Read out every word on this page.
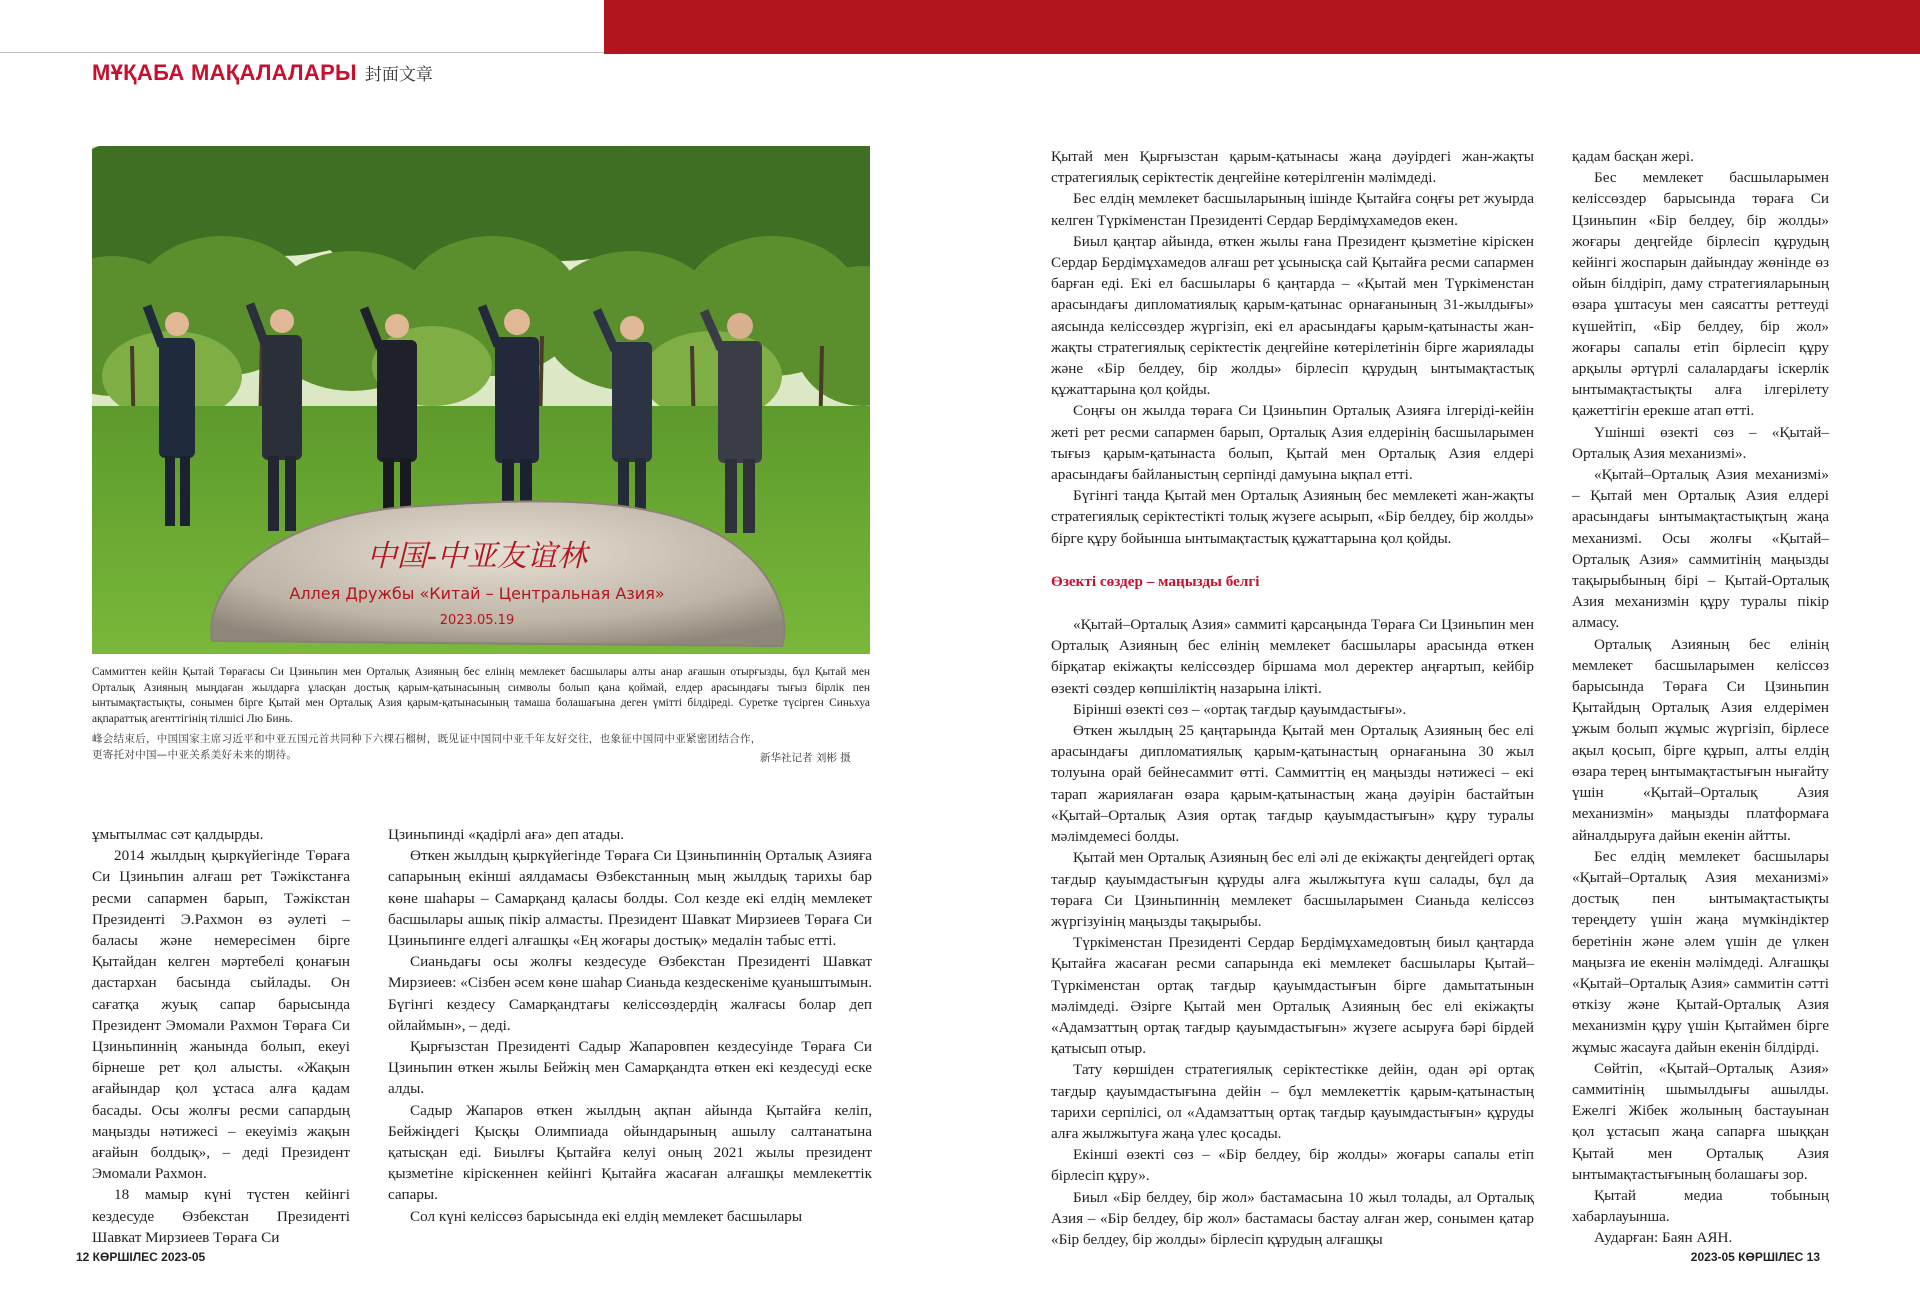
МҰҚАБА МАҚАЛАЛАРЫ 封面文章
中国-中亚友谊林
Аллея Дружбы «Китай – Центральная Азия»
2023.05.19
Саммиттен кейін Қытай Төрағасы Си Цзиньпин мен Орталық Азияның бес елінің мемлекет басшылары алты анар ағашын отырғызды, бұл Қытай мен Орталық Азияның мыңдаған жылдарға ұласқан достық қарым-қатынасының символы болып қана қоймай, елдер арасындағы тығыз бірлік пен ынтымақтастықты, сонымен бірге Қытай мен Орталық Азия қарым-қатынасының тамаша болашағына деген үмітті білдіреді. Суретке түсірген Синьхуа ақпараттық агенттігінің тілшісі Лю Бинь.
峰会结束后，中国国家主席习近平和中亚五国元首共同种下六棵石榴树，既见证中国同中亚千年友好交往，也象征中国同中亚紧密团结合作，
更寄托对中国—中亚关系美好未来的期待。	新华社记者 刘彬 摄

ұмытылмас сәт қалдырды.

2014 жылдың қыркүйегінде Төраға Си Цзиньпин алғаш рет Тәжікстанға ресми сапармен барып, Тәжікстан Президенті Э.Рахмон өз әулеті – баласы және немересімен бірге Қытайдан келген мәртебелі қонағын дастархан басында сыйлады. Он сағатқа жуық сапар барысында Президент Эмомали Рахмон Төраға Си Цзиньпиннің жанында болып, екеуі бірнеше рет қол алысты. «Жақын ағайындар қол ұстаса алға қадам басады. Осы жолғы ресми сапардың маңызды нәтижесі – екеуіміз жақын ағайын болдық», – деді Президент Эмомали Рахмон.

18 мамыр күні түстен кейінгі кездесуде Өзбекстан Президенті Шавкат Мирзиеев Төраға Си

Цзиньпинді «қадірлі аға» деп атады.

Өткен жылдың қыркүйегінде Төраға Си Цзиньпиннің Орталық Азияға сапарының екінші аялдамасы Өзбекстанның мың жылдық тарихы бар көне шаһары – Самарқанд қаласы болды. Сол кезде екі елдің мемлекет басшылары ашық пікір алмасты. Президент Шавкат Мирзиеев Төраға Си Цзиньпинге елдегі алғашқы «Ең жоғары достық» медалін табыс етті.

Сианьдағы осы жолғы кездесуде Өзбекстан Президенті Шавкат Мирзиеев: «Сізбен әсем көне шаһар Сианьда кездескеніме қуаныштымын. Бүгінгі кездесу Самарқандтағы келіссөздердің жалғасы болар деп ойлаймын», – деді.

Қырғызстан Президенті Садыр Жапаровпен кездесуінде Төраға Си Цзиньпин өткен жылы Бейжің мен Самарқандта өткен екі кездесуді еске алды.

Садыр Жапаров өткен жылдың ақпан айында Қытайға келіп, Бейжіңдегі Қысқы Олимпиада ойындарының ашылу салтанатына қатысқан еді. Биылғы Қытайға келуі оның 2021 жылы президент қызметіне кіріскеннен кейінгі Қытайға жасаған алғашқы мемлекеттік сапары.

Сол күні келіссөз барысында екі елдің мемлекет басшылары

Қытай мен Қырғызстан қарым-қатынасы жаңа дәуірдегі жан-жақты стратегиялық серіктестік деңгейіне көтерілгенін мәлімдеді.

Бес елдің мемлекет басшыларының ішінде Қытайға соңғы рет жуырда келген Түркіменстан Президенті Сердар Бердімұхамедов екен.

Биыл қаңтар айында, өткен жылы ғана Президент қызметіне кіріскен Сердар Бердімұхамедов алғаш рет ұсынысқа сай Қытайға ресми сапармен барған еді. Екі ел басшылары 6 қаңтарда – «Қытай мен Түркіменстан арасындағы дипломатиялық қарым-қатынас орнағанының 31-жылдығы» аясында келіссөздер жүргізіп, екі ел арасындағы қарым-қатынасты жан-жақты стратегиялық серіктестік деңгейіне көтерілетінін бірге жариялады және «Бір белдеу, бір жолды» бірлесіп құрудың ынтымақтастық құжаттарына қол қойды.

Соңғы он жылда төраға Си Цзиньпин Орталық Азияға ілгеріді-кейін жеті рет ресми сапармен барып, Орталық Азия елдерінің басшыларымен тығыз қарым-қатынаста болып, Қытай мен Орталық Азия елдері арасындағы байланыстың серпінді дамуына ықпал етті.

Бүгінгі таңда Қытай мен Орталық Азияның бес мемлекеті жан-жақты стратегиялық серіктестікті толық жүзеге асырып, «Бір белдеу, бір жолды» бірге құру бойынша ынтымақтастық құжаттарына қол қойды.

Өзекті сөздер – маңызды белгі

«Қытай–Орталық Азия» саммиті қарсаңында Төраға Си Цзиньпин мен Орталық Азияның бес елінің мемлекет басшылары арасында өткен бірқатар екіжақты келіссөздер біршама мол деректер аңғартып, кейбір өзекті сөздер көпшіліктің назарына ілікті.

Бірінші өзекті сөз – «ортақ тағдыр қауымдастығы».

Өткен жылдың 25 қаңтарында Қытай мен Орталық Азияның бес елі арасындағы дипломатиялық қарым-қатынастың орнағанына 30 жыл толуына орай бейнесаммит өтті. Саммиттің ең маңызды нәтижесі – екі тарап жариялаған өзара қарым-қатынастың жаңа дәуірін бастайтын «Қытай–Орталық Азия ортақ тағдыр қауымдастығын» құру туралы мәлімдемесі болды.

Қытай мен Орталық Азияның бес елі әлі де екіжақты деңгейдегі ортақ тағдыр қауымдастығын құруды алға жылжытуға күш салады, бұл да төраға Си Цзиньпиннің мемлекет басшыларымен Сианьда келіссөз жүргізуінің маңызды тақырыбы.

Түркіменстан Президенті Сердар Бердімұхамедовтың биыл қаңтарда Қытайға жасаған ресми сапарында екі мемлекет басшылары Қытай–Түркіменстан ортақ тағдыр қауымдастығын бірге дамытатынын мәлімдеді. Әзірге Қытай мен Орталық Азияның бес елі екіжақты «Адамзаттың ортақ тағдыр қауымдастығын» жүзеге асыруға бәрі бірдей қатысып отыр.

Тату көршіден стратегиялық серіктестікке дейін, одан әрі ортақ тағдыр қауымдастығына дейін – бұл мемлекеттік қарым-қатынастың тарихи серпілісі, ол «Адамзаттың ортақ тағдыр қауымдастығын» құруды алға жылжытуға жаңа үлес қосады.

Екінші өзекті сөз – «Бір белдеу, бір жолды» жоғары сапалы етіп бірлесіп құру».

Биыл «Бір белдеу, бір жол» бастамасына 10 жыл толады, ал Орталық Азия – «Бір белдеу, бір жол» бастамасы бастау алған жер, сонымен қатар «Бір белдеу, бір жолды» бірлесіп құрудың алғашқы

қадам басқан жері.

Бес мемлекет басшыларымен келіссөздер барысында төраға Си Цзиньпин «Бір белдеу, бір жолды» жоғары деңгейде бірлесіп құрудың кейінгі жоспарын дайындау жөнінде өз ойын білдіріп, даму стратегияларының өзара ұштасуы мен саясатты реттеуді күшейтіп, «Бір белдеу, бір жол» жоғары сапалы етіп бірлесіп құру арқылы әртүрлі салалардағы іскерлік ынтымақтастықты алға ілгерілету қажеттігін ерекше атап өтті.

Үшінші өзекті сөз – «Қытай–Орталық Азия механизмі».

«Қытай–Орталық Азия механизмі» – Қытай мен Орталық Азия елдері арасындағы ынтымақтастықтың жаңа механизмі. Осы жолғы «Қытай–Орталық Азия» саммитінің маңызды тақырыбының бірі – Қытай-Орталық Азия механизмін құру туралы пікір алмасу.

Орталық Азияның бес елінің мемлекет басшыларымен келіссөз барысында Төраға Си Цзиньпин Қытайдың Орталық Азия елдерімен ұжым болып жұмыс жүргізіп, бірлесе ақыл қосып, бірге құрып, алты елдің өзара терең ынтымақтастығын нығайту үшін «Қытай–Орталық Азия механизмін» маңызды платформаға айналдыруға дайын екенін айтты.

Бес елдің мемлекет басшылары «Қытай–Орталық Азия механизмі» достық пен ынтымақтастықты тереңдету үшін жаңа мүмкіндіктер беретінін және әлем үшін де үлкен маңызға ие екенін мәлімдеді. Алғашқы «Қытай–Орталық Азия» саммитін сәтті өткізу және Қытай-Орталық Азия механизмін құру үшін Қытаймен бірге жұмыс жасауға дайын екенін білдірді.

Сөйтіп, «Қытай–Орталық Азия» саммитінің шымылдығы ашылды. Ежелгі Жібек жолының бастауынан қол ұстасып жаңа сапарға шыққан Қытай мен Орталық Азия ынтымақтастығының болашағы зор.

Қытай медиа тобының хабарлауынша.

Аударған: Баян АЯН.

12 КӨРШІЛЕС 2023-05	2023-05 КӨРШІЛЕС 13
